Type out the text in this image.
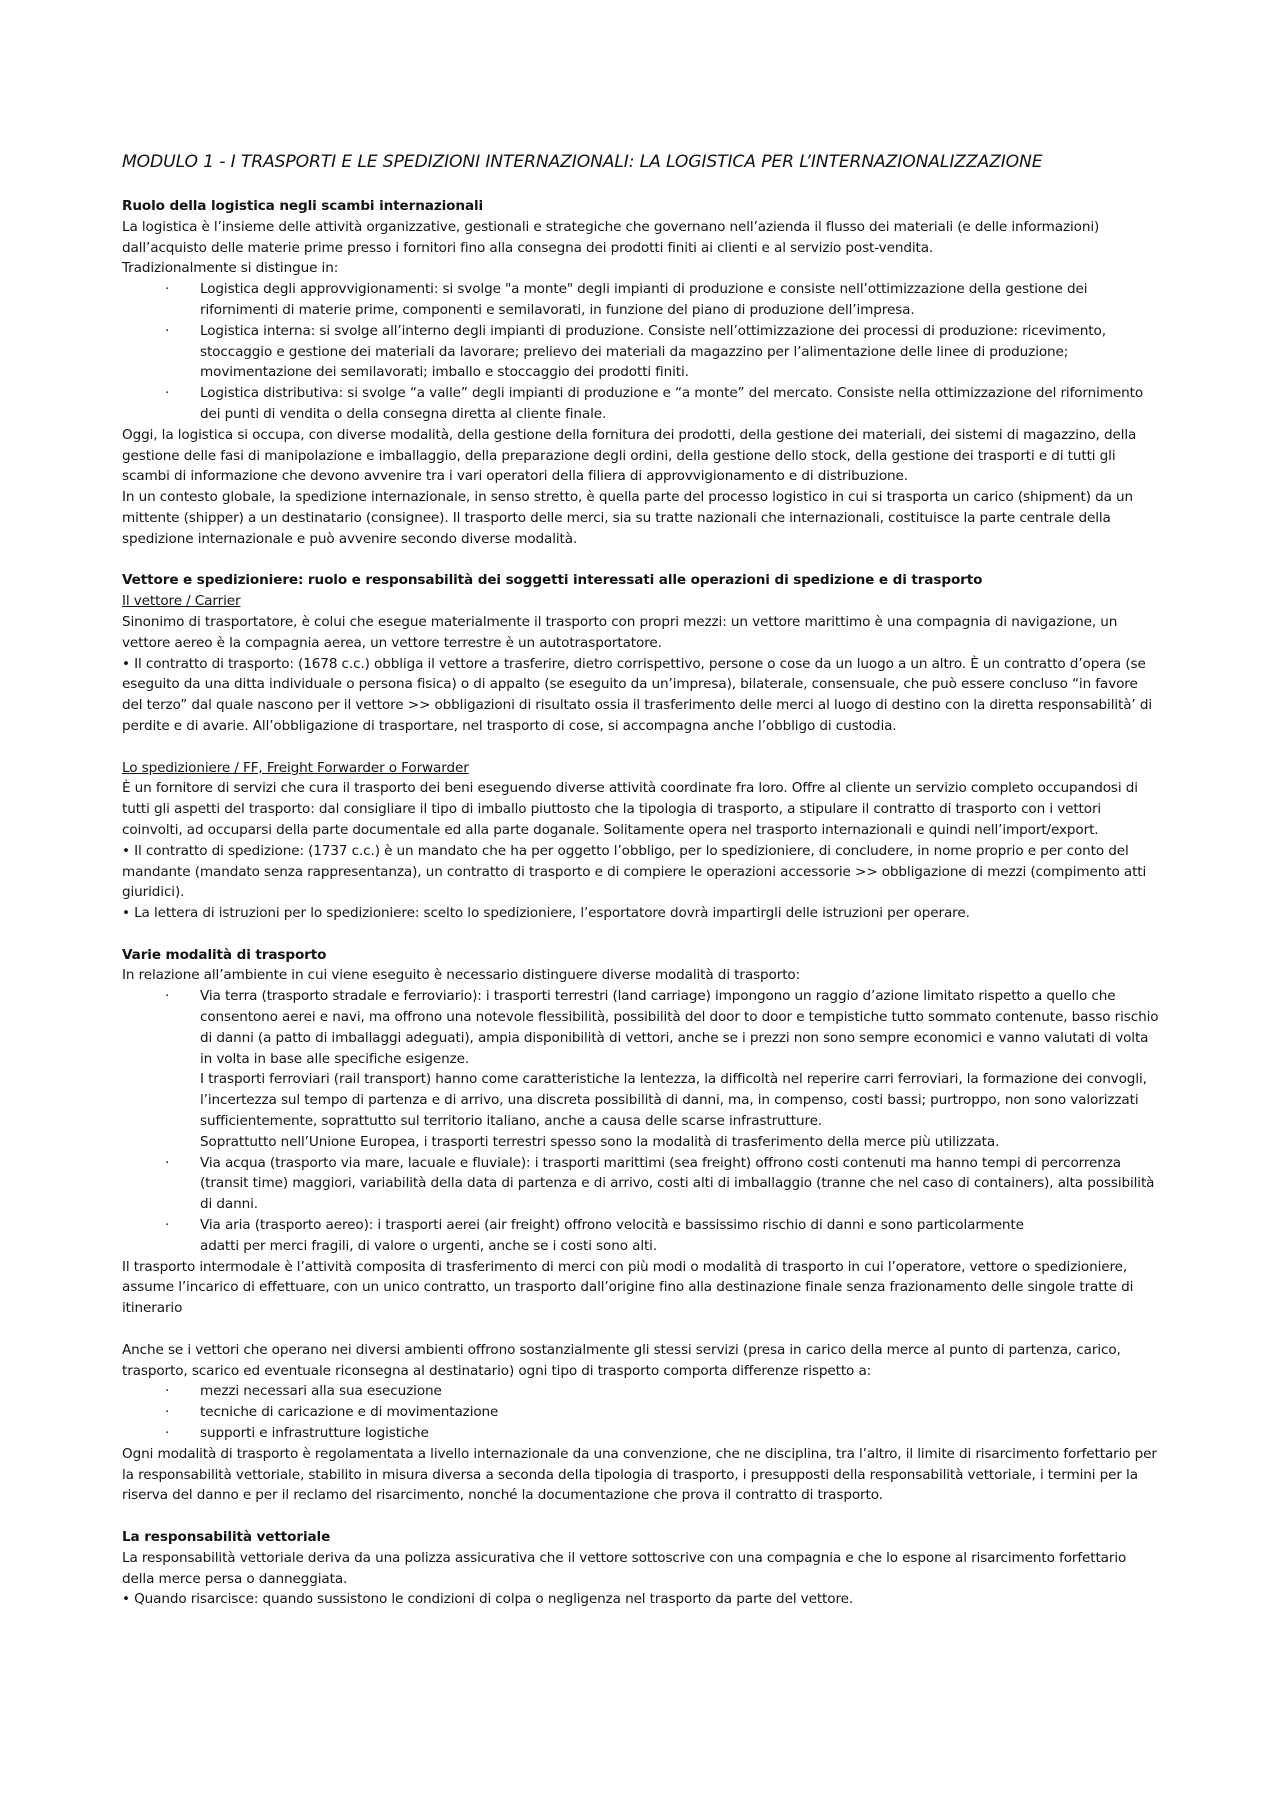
MODULO 1 - I TRASPORTI E LE SPEDIZIONI INTERNAZIONALI: LA LOGISTICA PER L’INTERNAZIONALIZZAZIONE

Ruolo della logistica negli scambi internazionali

La logistica è l’insieme delle attività organizzative, gestionali e strategiche che governano nell’azienda il flusso dei materiali (e delle informazioni) dall’acquisto delle materie prime presso i fornitori fino alla consegna dei prodotti finiti ai clienti e al servizio post-vendita.

Tradizionalmente si distingue in:

· Logistica degli approvvigionamenti: si svolge "a monte" degli impianti di produzione e consiste nell’ottimizzazione della gestione dei rifornimenti di materie prime, componenti e semilavorati, in funzione del piano di produzione dell’impresa.
· Logistica interna: si svolge all’interno degli impianti di produzione. Consiste nell’ottimizzazione dei processi di produzione: ricevimento, stoccaggio e gestione dei materiali da lavorare; prelievo dei materiali da magazzino per l’alimentazione delle linee di produzione; movimentazione dei semilavorati; imballo e stoccaggio dei prodotti finiti.
· Logistica distributiva: si svolge “a valle” degli impianti di produzione e “a monte” del mercato. Consiste nella ottimizzazione del rifornimento dei punti di vendita o della consegna diretta al cliente finale.

Oggi, la logistica si occupa, con diverse modalità, della gestione della fornitura dei prodotti, della gestione dei materiali, dei sistemi di magazzino, della gestione delle fasi di manipolazione e imballaggio, della preparazione degli ordini, della gestione dello stock, della gestione dei trasporti e di tutti gli scambi di informazione che devono avvenire tra i vari operatori della filiera di approvvigionamento e di distribuzione.

In un contesto globale, la spedizione internazionale, in senso stretto, è quella parte del processo logistico in cui si trasporta un carico (shipment) da un mittente (shipper) a un destinatario (consignee). Il trasporto delle merci, sia su tratte nazionali che internazionali, costituisce la parte centrale della spedizione internazionale e può avvenire secondo diverse modalità.

Vettore e spedizioniere: ruolo e responsabilità dei soggetti interessati alle operazioni di spedizione e di trasporto

Il vettore / Carrier

Sinonimo di trasportatore, è colui che esegue materialmente il trasporto con propri mezzi: un vettore marittimo è una compagnia di navigazione, un vettore aereo è la compagnia aerea, un vettore terrestre è un autotrasportatore.

• Il contratto di trasporto: (1678 c.c.) obbliga il vettore a trasferire, dietro corrispettivo, persone o cose da un luogo a un altro. È un contratto d’opera (se eseguito da una ditta individuale o persona fisica) o di appalto (se eseguito da un’impresa), bilaterale, consensuale, che può essere concluso “in favore del terzo” dal quale nascono per il vettore >> obbligazioni di risultato ossia il trasferimento delle merci al luogo di destino con la diretta responsabilità’ di perdite e di avarie. All’obbligazione di trasportare, nel trasporto di cose, si accompagna anche l’obbligo di custodia.

Lo spedizioniere / FF, Freight Forwarder o Forwarder

È un fornitore di servizi che cura il trasporto dei beni eseguendo diverse attività coordinate fra loro. Offre al cliente un servizio completo occupandosi di tutti gli aspetti del trasporto: dal consigliare il tipo di imballo piuttosto che la tipologia di trasporto, a stipulare il contratto di trasporto con i vettori coinvolti, ad occuparsi della parte documentale ed alla parte doganale. Solitamente opera nel trasporto internazionali e quindi nell’import/export.

• Il contratto di spedizione: (1737 c.c.) è un mandato che ha per oggetto l’obbligo, per lo spedizioniere, di concludere, in nome proprio e per conto del mandante (mandato senza rappresentanza), un contratto di trasporto e di compiere le operazioni accessorie >> obbligazione di mezzi (compimento atti giuridici).

• La lettera di istruzioni per lo spedizioniere: scelto lo spedizioniere, l’esportatore dovrà impartirgli delle istruzioni per operare.

Varie modalità di trasporto

In relazione all’ambiente in cui viene eseguito è necessario distinguere diverse modalità di trasporto:

· Via terra (trasporto stradale e ferroviario): i trasporti terrestri (land carriage) impongono un raggio d’azione limitato rispetto a quello che consentono aerei e navi, ma offrono una notevole flessibilità, possibilità del door to door e tempistiche tutto sommato contenute, basso rischio di danni (a patto di imballaggi adeguati), ampia disponibilità di vettori, anche se i prezzi non sono sempre economici e vanno valutati di volta in volta in base alle specifiche esigenze.
I trasporti ferroviari (rail transport) hanno come caratteristiche la lentezza, la difficoltà nel reperire carri ferroviari, la formazione dei convogli, l’incertezza sul tempo di partenza e di arrivo, una discreta possibilità di danni, ma, in compenso, costi bassi; purtroppo, non sono valorizzati sufficientemente, soprattutto sul territorio italiano, anche a causa delle scarse infrastrutture.
Soprattutto nell’Unione Europea, i trasporti terrestri spesso sono la modalità di trasferimento della merce più utilizzata.
· Via acqua (trasporto via mare, lacuale e fluviale): i trasporti marittimi (sea freight) offrono costi contenuti ma hanno tempi di percorrenza (transit time) maggiori, variabilità della data di partenza e di arrivo, costi alti di imballaggio (tranne che nel caso di containers), alta possibilità di danni.
· Via aria (trasporto aereo): i trasporti aerei (air freight) offrono velocità e bassissimo rischio di danni e sono particolarmente
adatti per merci fragili, di valore o urgenti, anche se i costi sono alti.

Il trasporto intermodale è l’attività composita di trasferimento di merci con più modi o modalità di trasporto in cui l’operatore, vettore o spedizioniere, assume l’incarico di effettuare, con un unico contratto, un trasporto dall’origine fino alla destinazione finale senza frazionamento delle singole tratte di itinerario

Anche se i vettori che operano nei diversi ambienti offrono sostanzialmente gli stessi servizi (presa in carico della merce al punto di partenza, carico, trasporto, scarico ed eventuale riconsegna al destinatario) ogni tipo di trasporto comporta differenze rispetto a:

· mezzi necessari alla sua esecuzione
· tecniche di caricazione e di movimentazione
· supporti e infrastrutture logistiche

Ogni modalità di trasporto è regolamentata a livello internazionale da una convenzione, che ne disciplina, tra l’altro, il limite di risarcimento forfettario per la responsabilità vettoriale, stabilito in misura diversa a seconda della tipologia di trasporto, i presupposti della responsabilità vettoriale, i termini per la riserva del danno e per il reclamo del risarcimento, nonché la documentazione che prova il contratto di trasporto.

La responsabilità vettoriale

La responsabilità vettoriale deriva da una polizza assicurativa che il vettore sottoscrive con una compagnia e che lo espone al risarcimento forfettario della merce persa o danneggiata.

• Quando risarcisce: quando sussistono le condizioni di colpa o negligenza nel trasporto da parte del vettore.
